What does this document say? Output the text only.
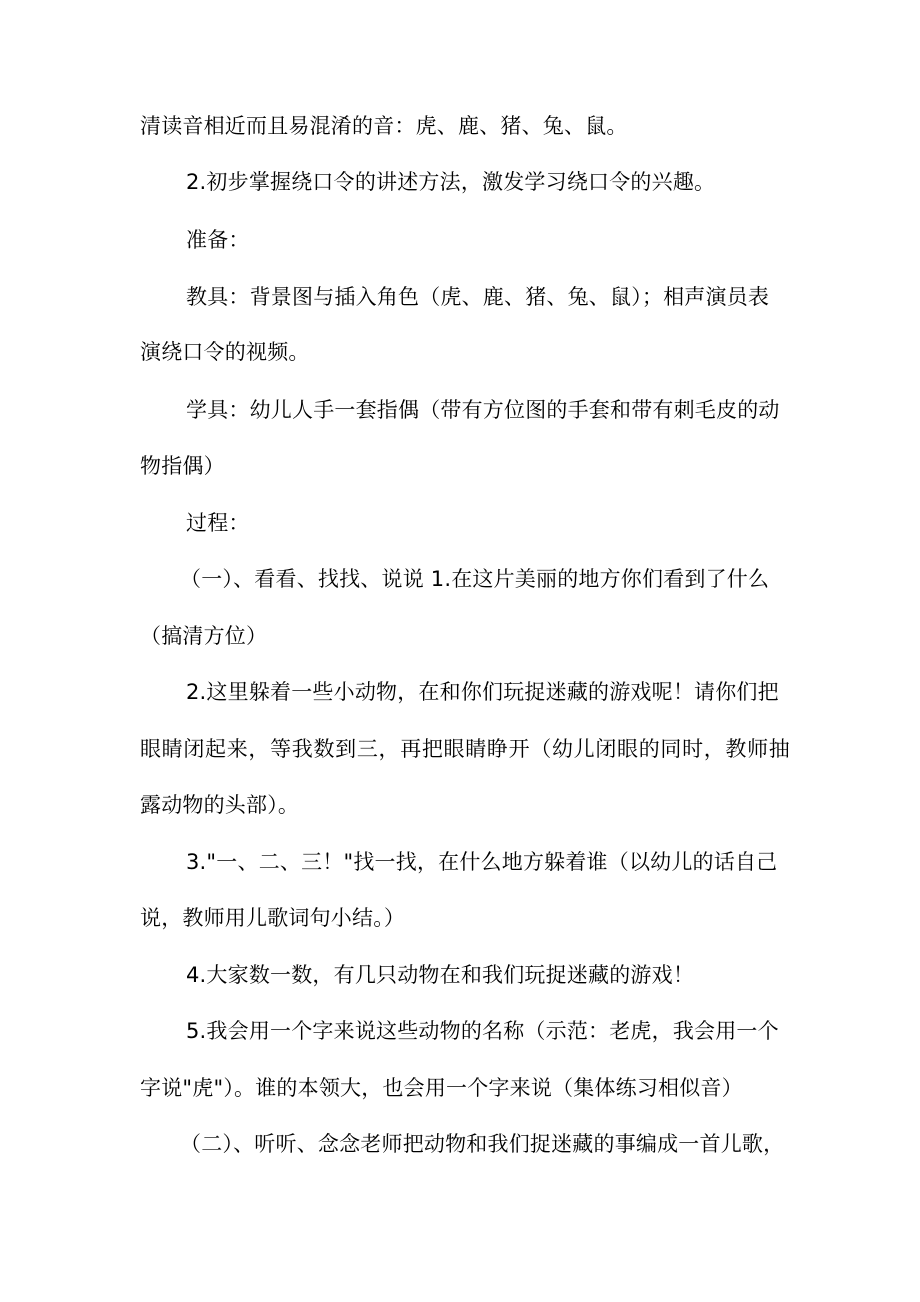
清读音相近而且易混淆的音：虎、鹿、猪、兔、鼠。
2.初步掌握绕口令的讲述方法，激发学习绕口令的兴趣。
准备：
教具：背景图与插入角色（虎、鹿、猪、兔、鼠）；相声演员表
演绕口令的视频。
学具：幼儿人手一套指偶（带有方位图的手套和带有刺毛皮的动
物指偶）
过程：
（一）、看看、找找、说说 1.在这片美丽的地方你们看到了什么
（搞清方位）
2.这里躲着一些小动物，在和你们玩捉迷藏的游戏呢！请你们把
眼睛闭起来，等我数到三，再把眼睛睁开（幼儿闭眼的同时，教师抽
露动物的头部）。
3."一、二、三！"找一找，在什么地方躲着谁（以幼儿的话自己
说，教师用儿歌词句小结。）
4.大家数一数，有几只动物在和我们玩捉迷藏的游戏！
5.我会用一个字来说这些动物的名称（示范：老虎，我会用一个
字说"虎"）。谁的本领大，也会用一个字来说（集体练习相似音）
（二）、听听、念念老师把动物和我们捉迷藏的事编成一首儿歌，
